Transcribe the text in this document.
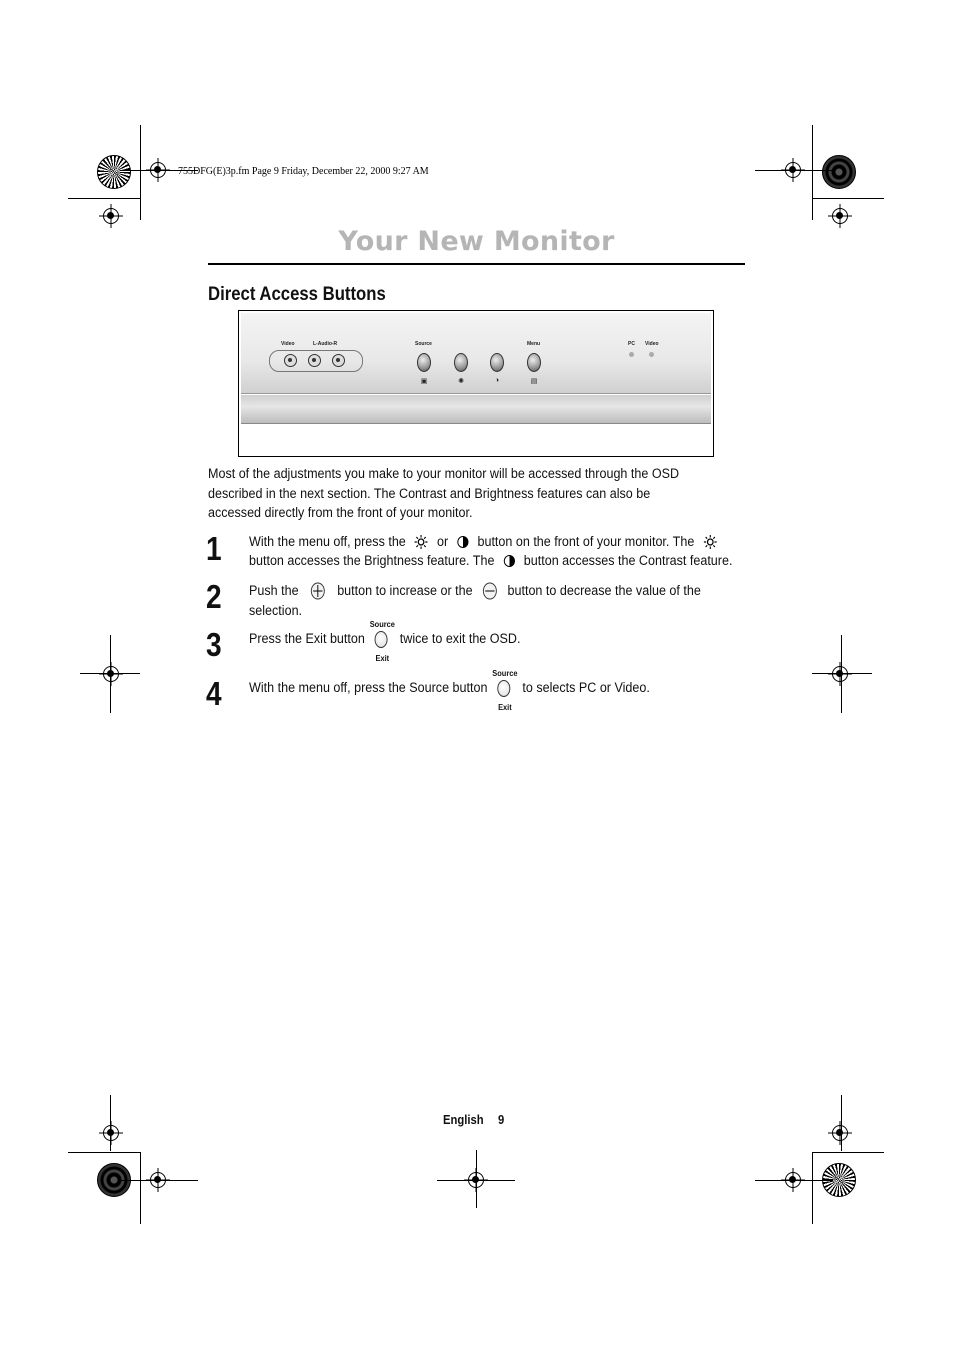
755DFG(E)3p.fm Page 9 Friday, December 22, 2000 9:27 AM
Your New Monitor
Direct Access Buttons
Video	L-Audio-R	Source	Menu
▣	✺	◑	▤
PC Video
Most of the adjustments you make to your monitor will be accessed through the OSD described in the next section. The Contrast and Brightness features can also be accessed directly from the front of your monitor.
1 With the menu off, press the or button on the front of your monitor. The
button accesses the Brightness feature. The button accesses the Contrast feature.
2 Push the	button to increase or the	button to decrease the value of the
selection.
3 Press the Exit button
Source
Exit
twice to exit the OSD.
4 With the menu off, press the Source button
Source
Exit
to selects PC or Video.
English 9
